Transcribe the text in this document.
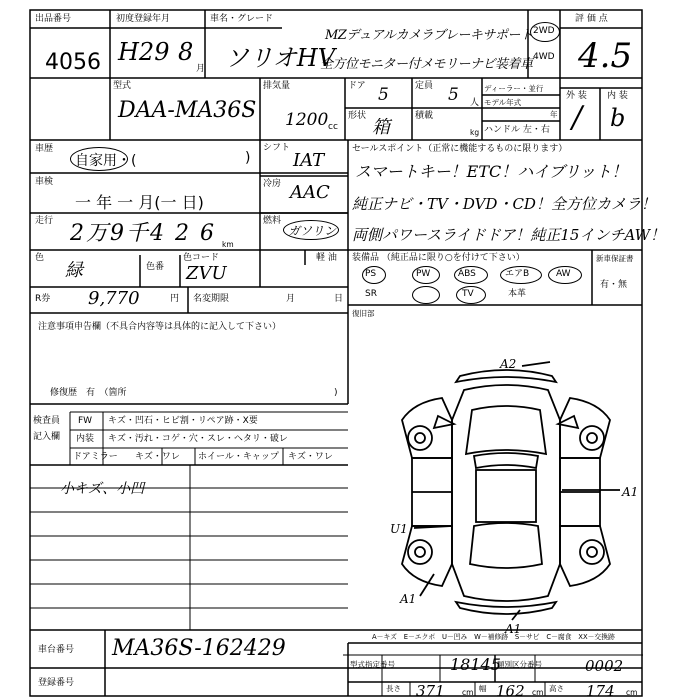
出品番号
4056
初度登録年月
H29 8
月
車名・グレード
ソリオHV
MZデュアルカメラブレーキサポート
全方位モニター付メモリーナビ装着車
2WD
4WD
評 価 点
4.5
型式
DAA-MA36S
排気量
1200 cc
ドア 5	定員 5 人
ディーラー・並行
モデル年式
年
形状
箱
積載
kg ハンドル 左・右
外 装 内 装
/ b
車歴
自家用・(	)
車検
一 年 一 月(一 日)
走行 2万9千4 2 6 km
色
緑	色番
色コード
ZVU
R券 9,770	円 名変期限	月	日
シフト
IAT
冷房 AAC
燃料
ガソリン
軽 油
セールスポイント（正常に機能するものに限ります）
スマートキー！ETC！ハイブリット！
純正ナビ・TV・DVD・CD！全方位カメラ！
両側パワースライドドア！純正15インチAW！
装備品 （純正品に限り○を付けて下さい）
PS	PW	ABS	エアB	AW
SR	TV	本革
新車保証書
有・無
復旧部
注意事項申告欄（不具合内容等は具体的に記入して下さい）
修復歴　有　（箇所	)
検査員
記入欄
FW キズ・凹石・ヒビ割・リペア跡・X要
内装 キズ・汚れ・コゲ・穴・スレ・ヘタリ・破レ
ドアミラー キズ・ワレ ホイール・キャップ キズ・ワレ
小キズ、小凹
A2
A1
U1
A1
A1
A－キズ　E－エクボ　U－凹み　W－補修跡　S－サビ　C－腐食　XX－交換跡
車台番号 MA36S-162429
登録番号
型式指定番号	18145
類別区分番号	0002
長さ 371 cm 幅 162 cm 高さ 174 cm
